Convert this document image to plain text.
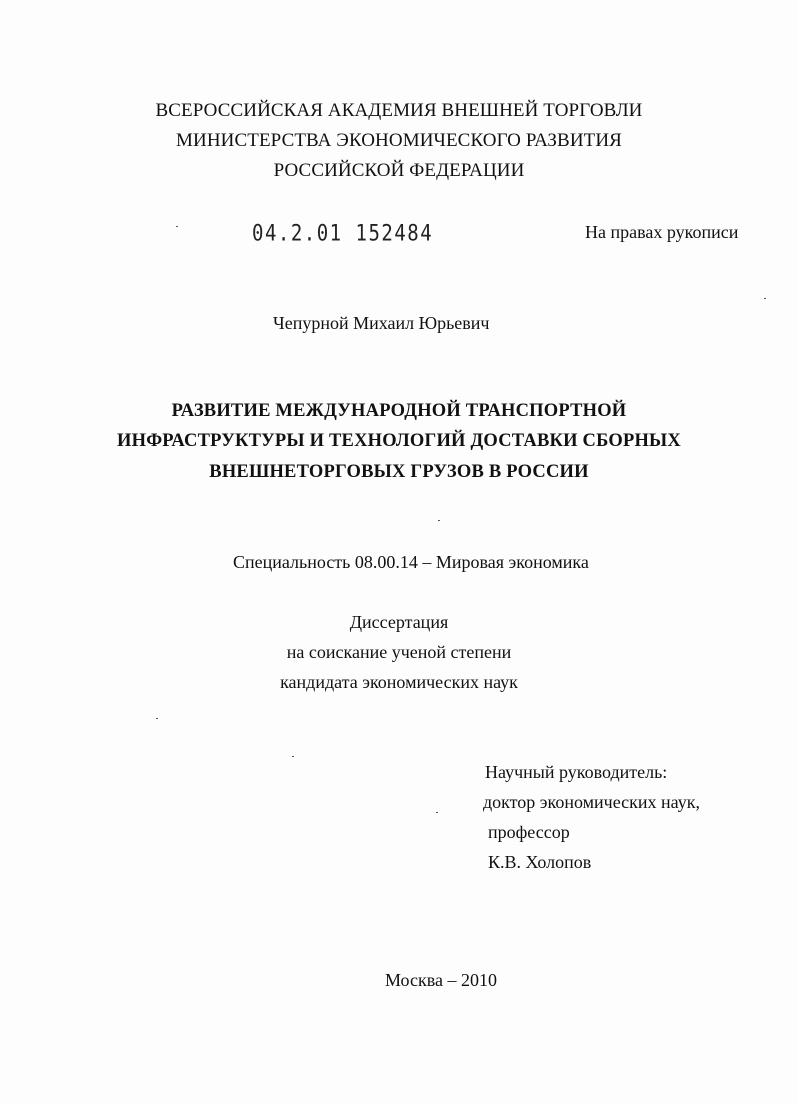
ВСЕРОССИЙСКАЯ АКАДЕМИЯ ВНЕШНЕЙ ТОРГОВЛИ
МИНИСТЕРСТВА ЭКОНОМИЧЕСКОГО РАЗВИТИЯ
РОССИЙСКОЙ ФЕДЕРАЦИИ
04.2.01 152484	На правах рукописи
Чепурной Михаил Юрьевич
РАЗВИТИЕ МЕЖДУНАРОДНОЙ ТРАНСПОРТНОЙ
ИНФРАСТРУКТУРЫ И ТЕХНОЛОГИЙ ДОСТАВКИ СБОРНЫХ
ВНЕШНЕТОРГОВЫХ ГРУЗОВ В РОССИИ
Специальность 08.00.14 – Мировая экономика
Диссертация
на соискание ученой степени
кандидата экономических наук
Научный руководитель:
доктор экономических наук,
профессор
К.В. Холопов
Москва – 2010
